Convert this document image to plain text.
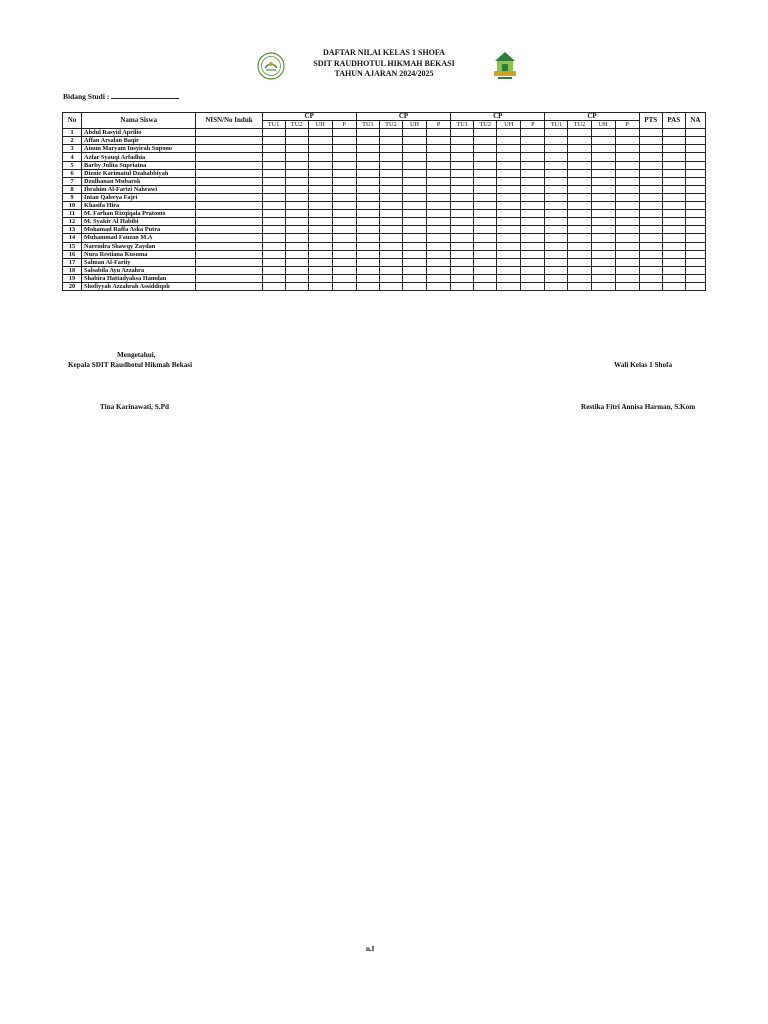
DAFTAR NILAI KELAS 1 SHOFA
SDIT RAUDHOTUL HIKMAH BEKASI
TAHUN AJARAN 2024/2025
Bidang Studi :
No	Nama Siswa	NISN/No Induk	CP				CP				CP				CP				PTS	PAS	NA
			TU1	TU2	UH	P	TU1	TU2	UH	P	TU1	TU2	UH	P	TU1	TU2	UH	P			
1	Abdul Rasyid Aprilio																				
2	Affan Arsalan Baqir																				
3	Ainun Maryam Insyirah Supono																				
4	Azfar Syauqi Arfadhia																				
5	Barby Julita Supriatna																				
6	Diznie Karimatul Dzahabbiyah																				
7	Dzulhanan Mubarok																				
8	Ibrahim Al-Farizi Nahrawi																				
9	Intan Qaleeya Fajri																				
10	Khasifa Hira																				
11	M. Farhan Rizqiqala Pratomo																				
12	M. Syakir Al Habibi																				
13	Mohamad Raffa Aska Putra																				
14	Muhammad Fauzan M.A																				
15	Narendra Shawqy Zaydan																				
16	Nura Restiana Kusuma																				
17	Salman Al-Fariiy																				
18	Salsabila Ayu Azzahra																				
19	Shabira Hattadyaksa Hamdan																				
20	Shofiyyah Azzahrah Assiddiqoh																				
Mengetahui,
Kepala SDIT Raudhotul Hikmah Bekasi	Wali Kelas 1 Shofa
Tina Karinawati, S.Pd	Restika Fitri Annisa Harman, S.Kom
n.I
